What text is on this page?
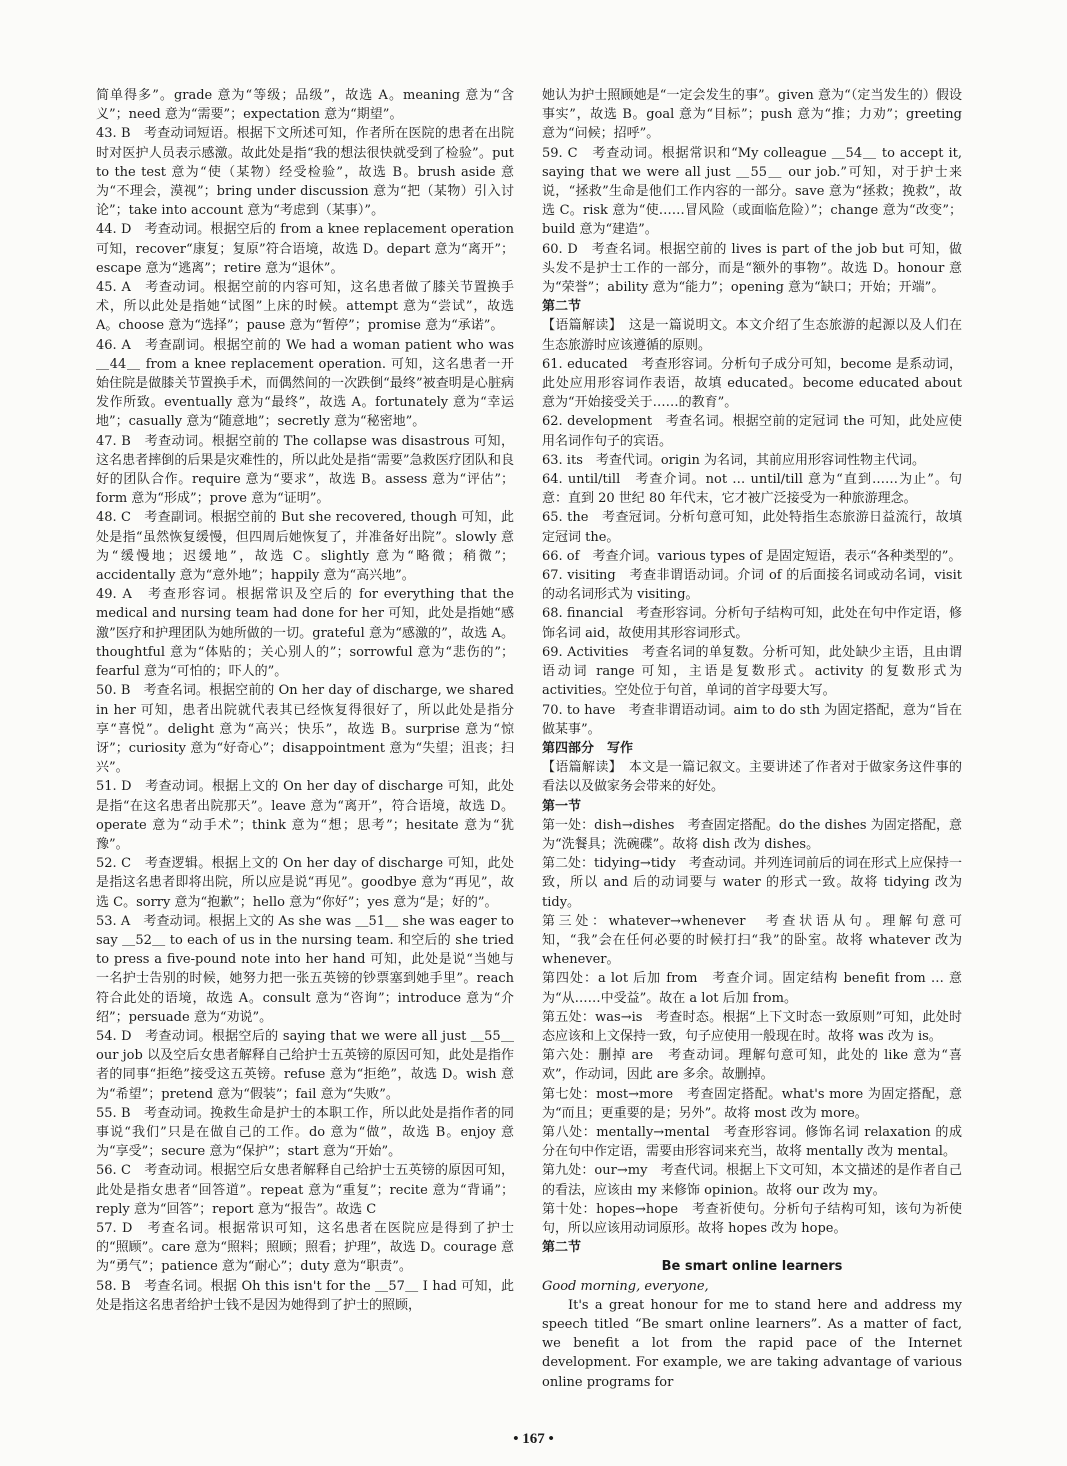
简单得多”。grade 意为“等级；品级”，故选 A。meaning 意为“含义”；need 意为“需要”；expectation 意为“期望”。

43. B　考查动词短语。根据下文所述可知，作者所在医院的患者在出院时对医护人员表示感激。故此处是指“我的想法很快就受到了检验”。put to the test 意为“使（某物）经受检验”，故选 B。brush aside 意为“不理会，漠视”；bring under discussion 意为“把（某物）引入讨论”；take into account 意为“考虑到（某事）”。

44. D　考查动词。根据空后的 from a knee replacement operation 可知，recover“康复；复原”符合语境，故选 D。depart 意为“离开”；escape 意为“逃离”；retire 意为“退休”。

45. A　考查动词。根据空前的内容可知，这名患者做了膝关节置换手术，所以此处是指她“试图”上床的时候。attempt 意为“尝试”，故选 A。choose 意为“选择”；pause 意为“暂停”；promise 意为“承诺”。

46. A　考查副词。根据空前的 We had a woman patient who was ＿44＿ from a knee replacement operation. 可知，这名患者一开始住院是做膝关节置换手术，而偶然间的一次跌倒“最终”被查明是心脏病发作所致。eventually 意为“最终”，故选 A。fortunately 意为“幸运地”；casually 意为“随意地”；secretly 意为“秘密地”。

47. B　考查动词。根据空前的 The collapse was disastrous 可知，这名患者摔倒的后果是灾难性的，所以此处是指“需要”急救医疗团队和良好的团队合作。require 意为“要求”，故选 B。assess 意为“评估”；form 意为“形成”；prove 意为“证明”。

48. C　考查副词。根据空前的 But she recovered, though 可知，此处是指“虽然恢复缓慢，但四周后她恢复了，并准备好出院”。slowly 意为“缓慢地；迟缓地”，故选 C。slightly 意为“略微；稍微”；accidentally 意为“意外地”；happily 意为“高兴地”。

49. A　考查形容词。根据常识及空后的 for everything that the medical and nursing team had done for her 可知，此处是指她“感激”医疗和护理团队为她所做的一切。grateful 意为“感激的”，故选 A。thoughtful 意为“体贴的；关心别人的”；sorrowful 意为“悲伤的”；fearful 意为“可怕的；吓人的”。

50. B　考查名词。根据空前的 On her day of discharge, we shared in her 可知，患者出院就代表其已经恢复得很好了，所以此处是指分享“喜悦”。delight 意为“高兴；快乐”，故选 B。surprise 意为“惊讶”；curiosity 意为“好奇心”；disappointment 意为“失望；沮丧；扫兴”。

51. D　考查动词。根据上文的 On her day of discharge 可知，此处是指“在这名患者出院那天”。leave 意为“离开”，符合语境，故选 D。operate 意为“动手术”；think 意为“想；思考”；hesitate 意为“犹豫”。

52. C　考查逻辑。根据上文的 On her day of discharge 可知，此处是指这名患者即将出院，所以应是说“再见”。goodbye 意为“再见”，故选 C。sorry 意为“抱歉”；hello 意为“你好”；yes 意为“是；好的”。

53. A　考查动词。根据上文的 As she was ＿51＿ she was eager to say ＿52＿ to each of us in the nursing team. 和空后的 she tried to press a five-pound note into her hand 可知，此处是说“当她与一名护士告别的时候，她努力把一张五英镑的钞票塞到她手里”。reach 符合此处的语境，故选 A。consult 意为“咨询”；introduce 意为“介绍”；persuade 意为“劝说”。

54. D　考查动词。根据空后的 saying that we were all just ＿55＿ our job 以及空后女患者解释自己给护士五英镑的原因可知，此处是指作者的同事“拒绝”接受这五英镑。refuse 意为“拒绝”，故选 D。wish 意为“希望”；pretend 意为“假装”；fail 意为“失败”。

55. B　考查动词。挽救生命是护士的本职工作，所以此处是指作者的同事说“我们”只是在做自己的工作。do 意为“做”，故选 B。enjoy 意为“享受”；secure 意为“保护”；start 意为“开始”。

56. C　考查动词。根据空后女患者解释自己给护士五英镑的原因可知，此处是指女患者“回答道”。repeat 意为“重复”；recite 意为“背诵”；reply 意为“回答”；report 意为“报告”。故选 C

57. D　考查名词。根据常识可知，这名患者在医院应是得到了护士的“照顾”。care 意为“照料；照顾；照看；护理”，故选 D。courage 意为“勇气”；patience 意为“耐心”；duty 意为“职责”。

58. B　考查名词。根据 Oh this isn't for the ＿57＿ I had 可知，此处是指这名患者给护士钱不是因为她得到了护士的照顾，

她认为护士照顾她是“一定会发生的事”。given 意为“（定当发生的）假设事实”，故选 B。goal 意为“目标”；push 意为“推；力劝”；greeting 意为“问候；招呼”。

59. C　考查动词。根据常识和“My colleague ＿54＿ to accept it, saying that we were all just ＿55＿ our job.”可知，对于护士来说，“拯救”生命是他们工作内容的一部分。save 意为“拯救；挽救”，故选 C。risk 意为“使……冒风险（或面临危险）”；change 意为“改变”；build 意为“建造”。

60. D　考查名词。根据空前的 lives is part of the job but 可知，做头发不是护士工作的一部分，而是“额外的事物”。故选 D。honour 意为“荣誉”；ability 意为“能力”；opening 意为“缺口；开始；开端”。

第二节

【语篇解读】　这是一篇说明文。本文介绍了生态旅游的起源以及人们在生态旅游时应该遵循的原则。

61. educated　考查形容词。分析句子成分可知，become 是系动词，此处应用形容词作表语，故填 educated。become educated about 意为“开始接受关于……的教育”。

62. development　考查名词。根据空前的定冠词 the 可知，此处应使用名词作句子的宾语。

63. its　考查代词。origin 为名词，其前应用形容词性物主代词。

64. until/till　考查介词。not … until/till 意为“直到……为止”。句意：直到 20 世纪 80 年代末，它才被广泛接受为一种旅游理念。

65. the　考查冠词。分析句意可知，此处特指生态旅游日益流行，故填定冠词 the。

66. of　考查介词。various types of 是固定短语，表示“各种类型的”。

67. visiting　考查非谓语动词。介词 of 的后面接名词或动名词，visit 的动名词形式为 visiting。

68. financial　考查形容词。分析句子结构可知，此处在句中作定语，修饰名词 aid，故使用其形容词形式。

69. Activities　考查名词的单复数。分析可知，此处缺少主语，且由谓语动词 range 可知，主语是复数形式。activity 的复数形式为 activities。空处位于句首，单词的首字母要大写。

70. to have　考查非谓语动词。aim to do sth 为固定搭配，意为“旨在做某事”。

第四部分　写作

【语篇解读】　本文是一篇记叙文。主要讲述了作者对于做家务这件事的看法以及做家务会带来的好处。

第一节

第一处：dish→dishes　考查固定搭配。do the dishes 为固定搭配，意为“洗餐具；洗碗碟”。故将 dish 改为 dishes。

第二处：tidying→tidy　考查动词。并列连词前后的词在形式上应保持一致，所以 and 后的动词要与 water 的形式一致。故将 tidying 改为 tidy。

第三处：whatever→whenever　考查状语从句。理解句意可知，“我”会在任何必要的时候打扫“我”的卧室。故将 whatever 改为 whenever。

第四处：a lot 后加 from　考查介词。固定结构 benefit from … 意为“从……中受益”。故在 a lot 后加 from。

第五处：was→is　考查时态。根据“上下文时态一致原则”可知，此处时态应该和上文保持一致，句子应使用一般现在时。故将 was 改为 is。

第六处：删掉 are　考查动词。理解句意可知，此处的 like 意为“喜欢”，作动词，因此 are 多余。故删掉。

第七处：most→more　考查固定搭配。what's more 为固定搭配，意为“而且；更重要的是；另外”。故将 most 改为 more。

第八处：mentally→mental　考查形容词。修饰名词 relaxation 的成分在句中作定语，需要由形容词来充当，故将 mentally 改为 mental。

第九处：our→my　考查代词。根据上下文可知，本文描述的是作者自己的看法，应该由 my 来修饰 opinion。故将 our 改为 my。

第十处：hopes→hope　考查祈使句。分析句子结构可知，该句为祈使句，所以应该用动词原形。故将 hopes 改为 hope。

第二节

Be smart online learners

Good morning, everyone,

It's a great honour for me to stand here and address my speech titled “Be smart online learners”. As a matter of fact, we benefit a lot from the rapid pace of the Internet development. For example, we are taking advantage of various online programs for

• 167 •
